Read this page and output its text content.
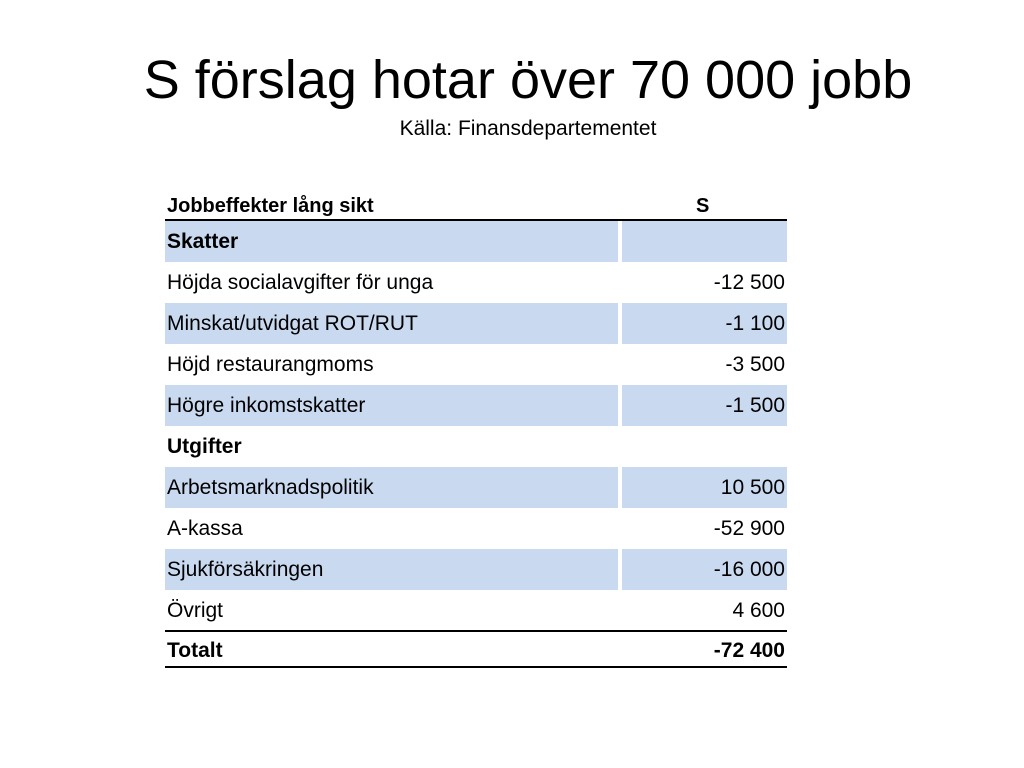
S förslag hotar över 70 000 jobb
Källa: Finansdepartementet
Jobbeffekter lång sikt	S
Skatter
Höjda socialavgifter för unga	-12 500
Minskat/utvidgat ROT/RUT	-1 100
Höjd restaurangmoms	-3 500
Högre inkomstskatter	-1 500
Utgifter
Arbetsmarknadspolitik	10 500
A-kassa	-52 900
Sjukförsäkringen	-16 000
Övrigt	4 600
Totalt	-72 400
